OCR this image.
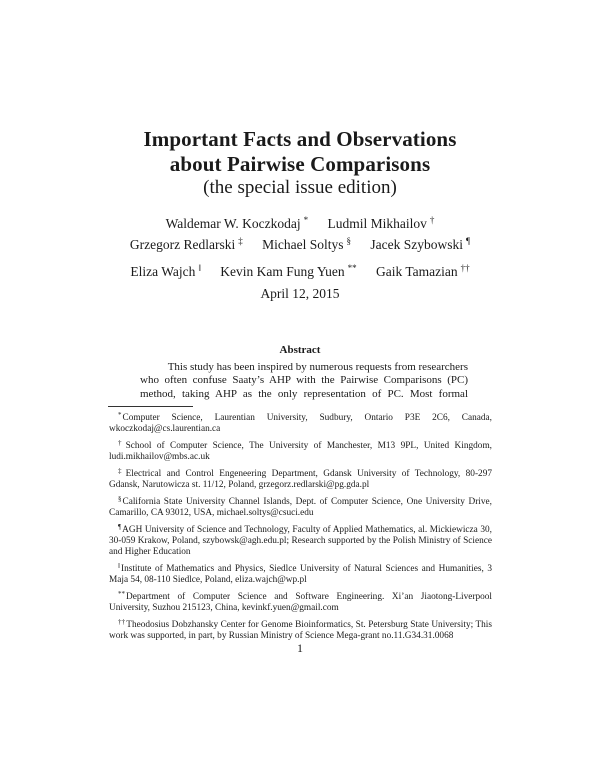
Important Facts and Observations
about Pairwise Comparisons
(the special issue edition)
Waldemar W. Koczkodaj * Ludmil Mikhailov †
Grzegorz Redlarski ‡ Michael Soltys § Jacek Szybowski ¶
Eliza Wajch ‖ Kevin Kam Fung Yuen ** Gaik Tamazian ††
April 12, 2015
Abstract
This study has been inspired by numerous requests from researchers
who often confuse Saaty’s AHP with the Pairwise Comparisons (PC)
method, taking AHP as the only representation of PC. Most formal

*Computer Science, Laurentian University, Sudbury, Ontario P3E 2C6, Canada, wkoczkodaj@cs.laurentian.ca

†School of Computer Science, The University of Manchester, M13 9PL, United Kingdom, ludi.mikhailov@mbs.ac.uk

‡Electrical and Control Engeneering Department, Gdansk University of Technology, 80-297 Gdansk, Narutowicza st. 11/12, Poland, grzegorz.redlarski@pg.gda.pl

§California State University Channel Islands, Dept. of Computer Science, One University Drive, Camarillo, CA 93012, USA, michael.soltys@csuci.edu

¶AGH University of Science and Technology, Faculty of Applied Mathematics, al. Mickiewicza 30, 30-059 Krakow, Poland, szybowsk@agh.edu.pl; Research supported by the Polish Ministry of Science and Higher Education

‖Institute of Mathematics and Physics, Siedlce University of Natural Sciences and Humanities, 3 Maja 54, 08-110 Siedlce, Poland, eliza.wajch@wp.pl

**Department of Computer Science and Software Engineering. Xi’an Jiaotong-Liverpool University, Suzhou 215123, China, kevinkf.yuen@gmail.com

††Theodosius Dobzhansky Center for Genome Bioinformatics, St. Petersburg State University; This work was supported, in part, by Russian Ministry of Science Mega-grant no.11.G34.31.0068

1
